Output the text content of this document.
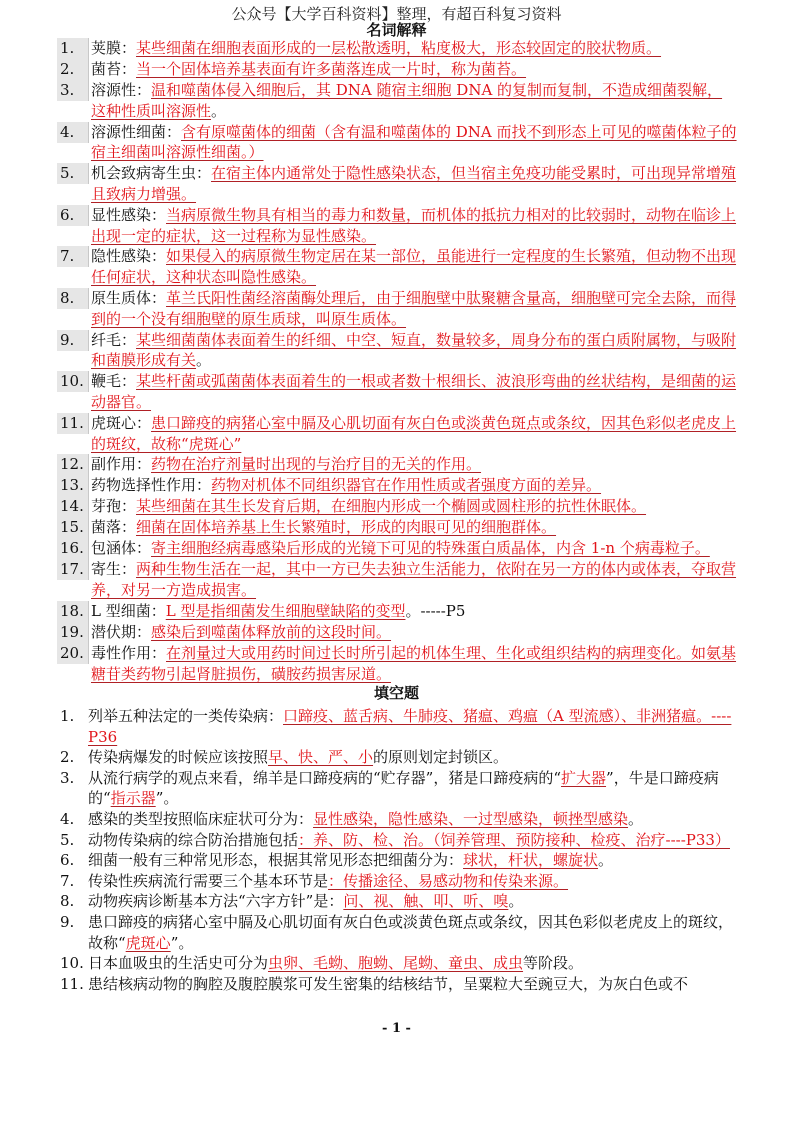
公众号【大学百科资料】整理，有超百科复习资料
名词解释
1.	荚膜：某些细菌在细胞表面形成的一层松散透明，粘度极大，形态较固定的胶状物质。
2.	菌苔：当一个固体培养基表面有许多菌落连成一片时，称为菌苔。
3.	溶源性：温和噬菌体侵入细胞后，其 DNA 随宿主细胞 DNA 的复制而复制，不造成细菌裂解，这种性质叫溶源性。
4.	溶源性细菌：含有原噬菌体的细菌（含有温和噬菌体的 DNA 而找不到形态上可见的噬菌体粒子的宿主细菌叫溶源性细菌。）
5.	机会致病寄生虫：在宿主体内通常处于隐性感染状态，但当宿主免疫功能受累时，可出现异常增殖且致病力增强。
6.	显性感染：当病原微生物具有相当的毒力和数量，而机体的抵抗力相对的比较弱时，动物在临诊上出现一定的症状，这一过程称为显性感染。
7.	隐性感染：如果侵入的病原微生物定居在某一部位，虽能进行一定程度的生长繁殖，但动物不出现任何症状，这种状态叫隐性感染。
8.	原生质体：革兰氏阳性菌经溶菌酶处理后，由于细胞壁中肽聚糖含量高，细胞壁可完全去除，而得到的一个没有细胞壁的原生质球，叫原生质体。
9.	纤毛：某些细菌菌体表面着生的纤细、中空、短直，数量较多，周身分布的蛋白质附属物，与吸附和菌膜形成有关。
10. 鞭毛：某些杆菌或弧菌菌体表面着生的一根或者数十根细长、波浪形弯曲的丝状结构，是细菌的运动器官。
11. 虎斑心：患口蹄疫的病猪心室中膈及心肌切面有灰白色或淡黄色斑点或条纹，因其色彩似老虎皮上的斑纹，故称“虎斑心”
12. 副作用：药物在治疗剂量时出现的与治疗目的无关的作用。
13. 药物选择性作用：药物对机体不同组织器官在作用性质或者强度方面的差异。
14. 芽孢：某些细菌在其生长发育后期，在细胞内形成一个椭圆或圆柱形的抗性休眠体。
15. 菌落：细菌在固体培养基上生长繁殖时，形成的肉眼可见的细胞群体。
16. 包涵体：寄主细胞经病毒感染后形成的光镜下可见的特殊蛋白质晶体，内含 1-n 个病毒粒子。
17. 寄生：两种生物生活在一起，其中一方已失去独立生活能力，依附在另一方的体内或体表，夺取营养，对另一方造成损害。
18. L 型细菌：L 型是指细菌发生细胞壁缺陷的变型。-----P5
19. 潜伏期：感染后到噬菌体释放前的这段时间。
20. 毒性作用：在剂量过大或用药时间过长时所引起的机体生理、生化或组织结构的病理变化。如氨基糖苷类药物引起肾脏损伤，磺胺药损害尿道。
填空题
1. 列举五种法定的一类传染病：口蹄疫、蓝舌病、牛肺疫、猪瘟、鸡瘟（A 型流感）、非洲猪瘟。----P36
2. 传染病爆发的时候应该按照早、快、严、小的原则划定封锁区。
3. 从流行病学的观点来看，绵羊是口蹄疫病的“贮存器”，猪是口蹄疫病的“扩大器”，牛是口蹄疫病的“指示器”。
4. 感染的类型按照临床症状可分为：显性感染，隐性感染、一过型感染，顿挫型感染。
5. 动物传染病的综合防治措施包括：养、防、检、治。（饲养管理、预防接种、检疫、治疗----P33）
6. 细菌一般有三种常见形态，根据其常见形态把细菌分为：球状，杆状，螺旋状。
7. 传染性疾病流行需要三个基本环节是：传播途径、易感动物和传染来源。
8. 动物疾病诊断基本方法“六字方针”是：问、视、触、叩、听、嗅。
9. 患口蹄疫的病猪心室中膈及心肌切面有灰白色或淡黄色斑点或条纹，因其色彩似老虎皮上的斑纹，故称“虎斑心”。
10. 日本血吸虫的生活史可分为虫卵、毛蚴、胞蚴、尾蚴、童虫、成虫等阶段。
11. 患结核病动物的胸腔及腹腔膜浆可发生密集的结核结节，呈粟粒大至豌豆大，为灰白色或不
- 1 -
